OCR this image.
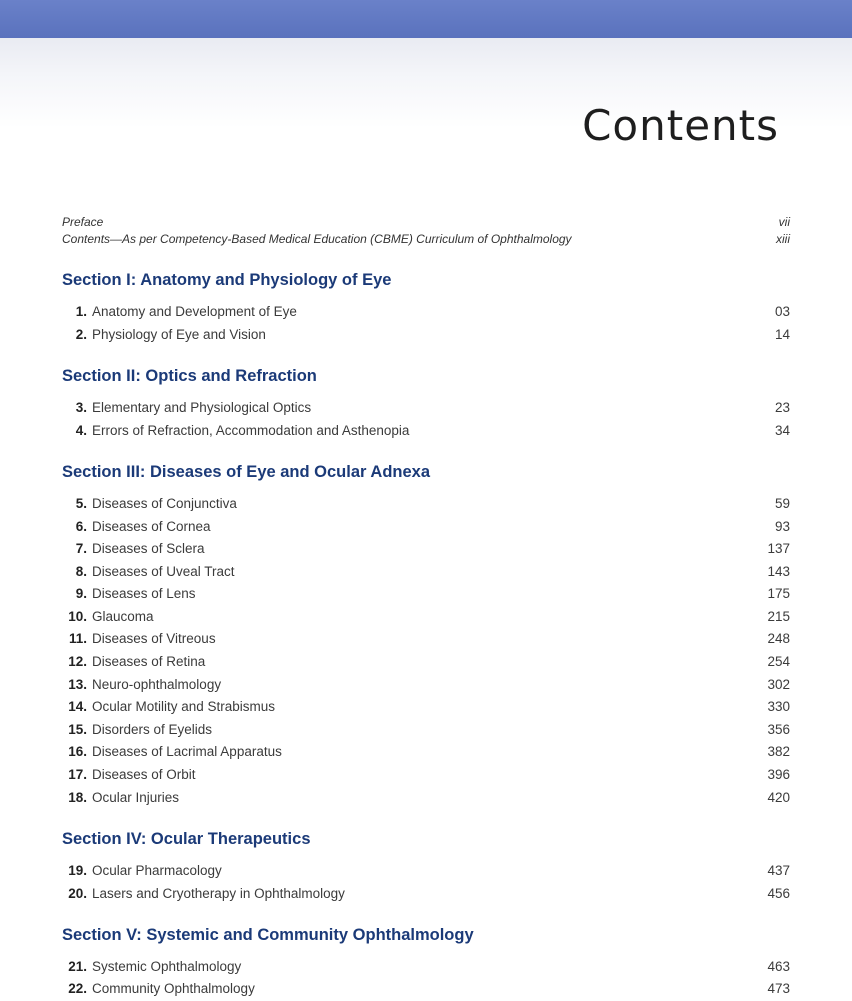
Contents
Preface	vii
Contents—As per Competency-Based Medical Education (CBME) Curriculum of Ophthalmology	xiii
Section I: Anatomy and Physiology of Eye
1. Anatomy and Development of Eye	03
2. Physiology of Eye and Vision	14
Section II: Optics and Refraction
3. Elementary and Physiological Optics	23
4. Errors of Refraction, Accommodation and Asthenopia	34
Section III: Diseases of Eye and Ocular Adnexa
5. Diseases of Conjunctiva	59
6. Diseases of Cornea	93
7. Diseases of Sclera	137
8. Diseases of Uveal Tract	143
9. Diseases of Lens	175
10. Glaucoma	215
11. Diseases of Vitreous	248
12. Diseases of Retina	254
13. Neuro-ophthalmology	302
14. Ocular Motility and Strabismus	330
15. Disorders of Eyelids	356
16. Diseases of Lacrimal Apparatus	382
17. Diseases of Orbit	396
18. Ocular Injuries	420
Section IV: Ocular Therapeutics
19. Ocular Pharmacology	437
20. Lasers and Cryotherapy in Ophthalmology	456
Section V: Systemic and Community Ophthalmology
21. Systemic Ophthalmology	463
22. Community Ophthalmology	473
